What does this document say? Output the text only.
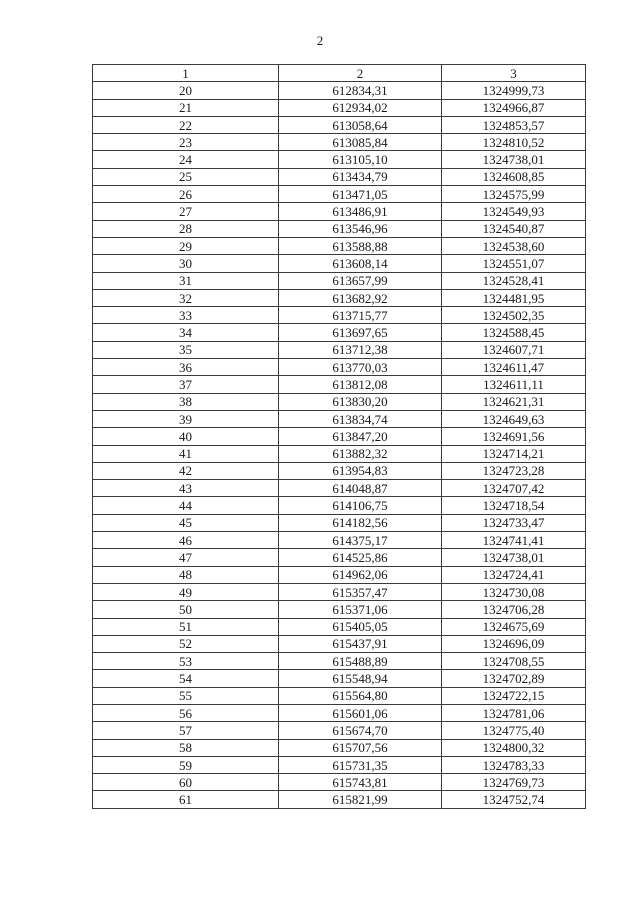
2
1	2	3
20	612834,31	1324999,73
21	612934,02	1324966,87
22	613058,64	1324853,57
23	613085,84	1324810,52
24	613105,10	1324738,01
25	613434,79	1324608,85
26	613471,05	1324575,99
27	613486,91	1324549,93
28	613546,96	1324540,87
29	613588,88	1324538,60
30	613608,14	1324551,07
31	613657,99	1324528,41
32	613682,92	1324481,95
33	613715,77	1324502,35
34	613697,65	1324588,45
35	613712,38	1324607,71
36	613770,03	1324611,47
37	613812,08	1324611,11
38	613830,20	1324621,31
39	613834,74	1324649,63
40	613847,20	1324691,56
41	613882,32	1324714,21
42	613954,83	1324723,28
43	614048,87	1324707,42
44	614106,75	1324718,54
45	614182,56	1324733,47
46	614375,17	1324741,41
47	614525,86	1324738,01
48	614962,06	1324724,41
49	615357,47	1324730,08
50	615371,06	1324706,28
51	615405,05	1324675,69
52	615437,91	1324696,09
53	615488,89	1324708,55
54	615548,94	1324702,89
55	615564,80	1324722,15
56	615601,06	1324781,06
57	615674,70	1324775,40
58	615707,56	1324800,32
59	615731,35	1324783,33
60	615743,81	1324769,73
61	615821,99	1324752,74
